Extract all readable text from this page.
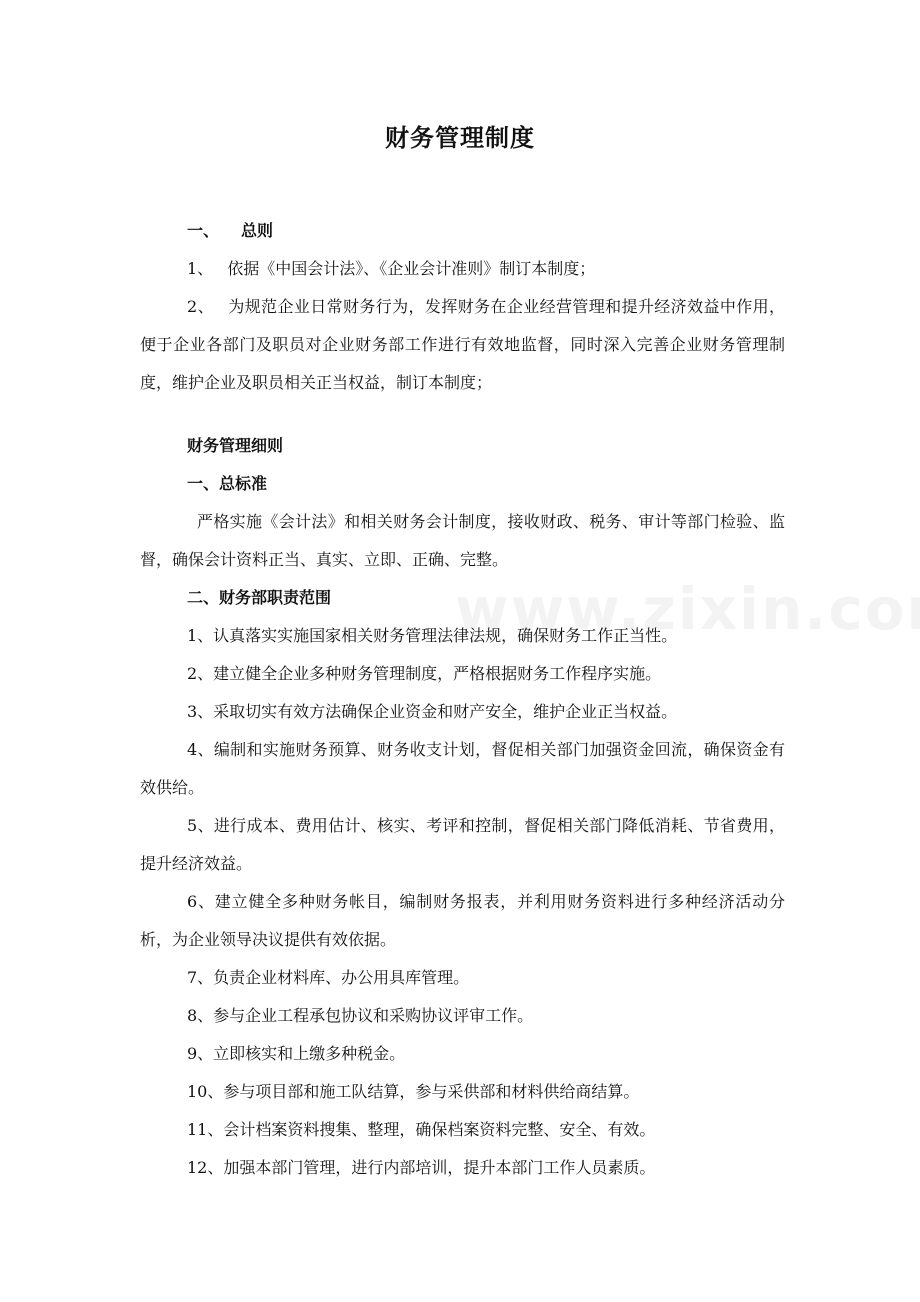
财务管理制度

一、 总则

1、 依据《中国会计法》、《企业会计准则》制订本制度；

2、 为规范企业日常财务行为，发挥财务在企业经营管理和提升经济效益中作用，便于企业各部门及职员对企业财务部工作进行有效地监督，同时深入完善企业财务管理制度，维护企业及职员相关正当权益，制订本制度；

财务管理细则

一、总标准

严格实施《会计法》和相关财务会计制度，接收财政、税务、审计等部门检验、监督，确保会计资料正当、真实、立即、正确、完整。

二、财务部职责范围

1、认真落实实施国家相关财务管理法律法规，确保财务工作正当性。

2、建立健全企业多种财务管理制度，严格根据财务工作程序实施。

3、采取切实有效方法确保企业资金和财产安全，维护企业正当权益。

4、编制和实施财务预算、财务收支计划，督促相关部门加强资金回流，确保资金有效供给。

5、进行成本、费用估计、核实、考评和控制，督促相关部门降低消耗、节省费用，提升经济效益。

6、建立健全多种财务帐目，编制财务报表，并利用财务资料进行多种经济活动分析，为企业领导决议提供有效依据。

7、负责企业材料库、办公用具库管理。

8、参与企业工程承包协议和采购协议评审工作。

9、立即核实和上缴多种税金。

10、参与项目部和施工队结算，参与采供部和材料供给商结算。

11、会计档案资料搜集、整理，确保档案资料完整、安全、有效。

12、加强本部门管理，进行内部培训，提升本部门工作人员素质。
